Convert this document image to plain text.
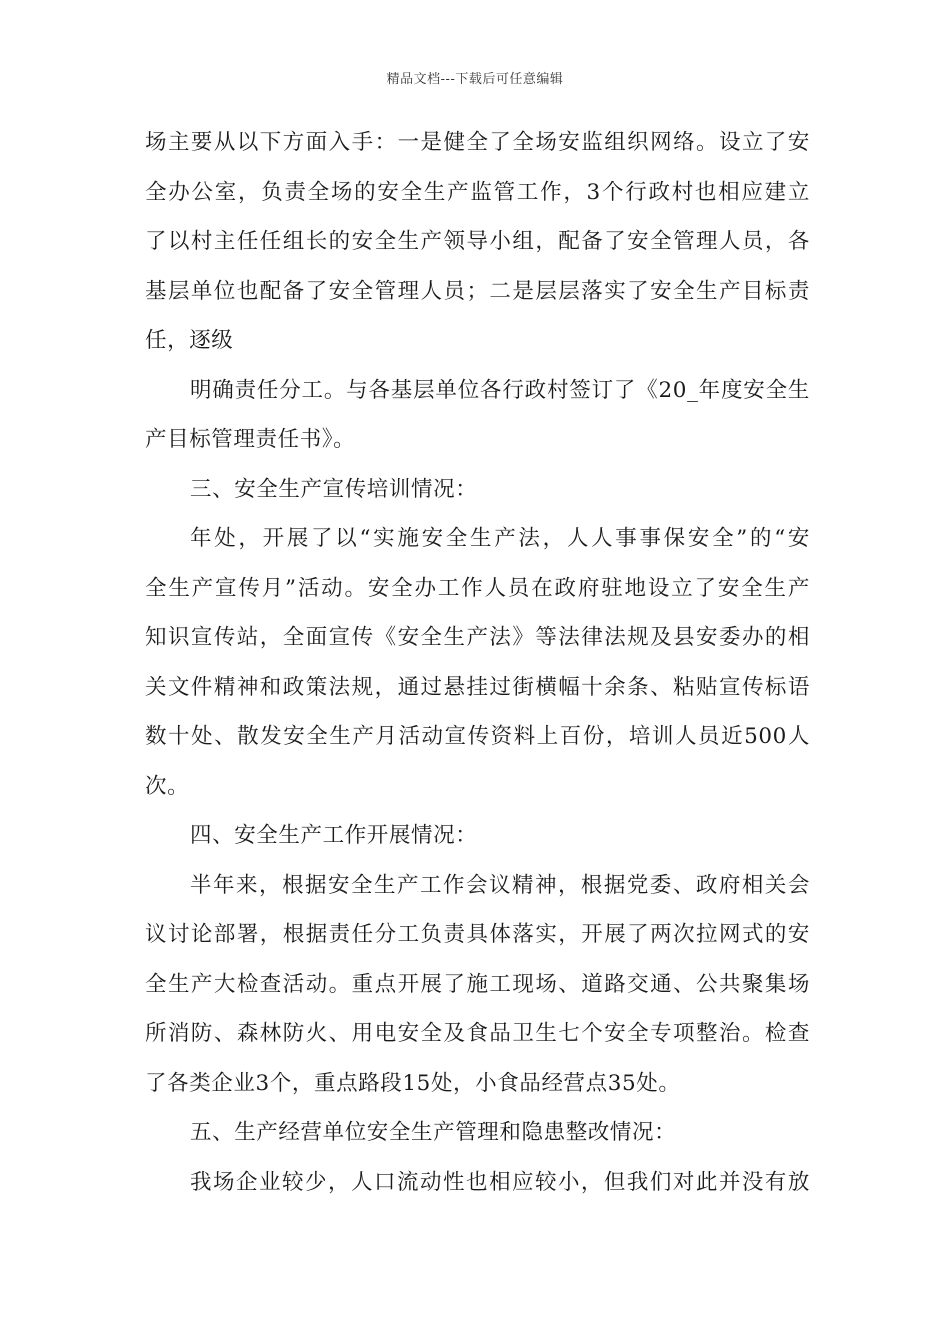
精品文档---下载后可任意编辑
场主要从以下方面入手：一是健全了全场安监组织网络。设立了安
全办公室，负责全场的安全生产监管工作，3个行政村也相应建立
了以村主任任组长的安全生产领导小组，配备了安全管理人员，各
基层单位也配备了安全管理人员；二是层层落实了安全生产目标责
任，逐级
明确责任分工。与各基层单位各行政村签订了《20_年度安全生
产目标管理责任书》。
三、安全生产宣传培训情况：
年处，开展了以“实施安全生产法，人人事事保安全”的“安
全生产宣传月”活动。安全办工作人员在政府驻地设立了安全生产
知识宣传站，全面宣传《安全生产法》等法律法规及县安委办的相
关文件精神和政策法规，通过悬挂过街横幅十余条、粘贴宣传标语
数十处、散发安全生产月活动宣传资料上百份，培训人员近500人
次。
四、安全生产工作开展情况：
半年来，根据安全生产工作会议精神，根据党委、政府相关会
议讨论部署，根据责任分工负责具体落实，开展了两次拉网式的安
全生产大检查活动。重点开展了施工现场、道路交通、公共聚集场
所消防、森林防火、用电安全及食品卫生七个安全专项整治。检查
了各类企业3个，重点路段15处，小食品经营点35处。
五、生产经营单位安全生产管理和隐患整改情况：
我场企业较少，人口流动性也相应较小，但我们对此并没有放
